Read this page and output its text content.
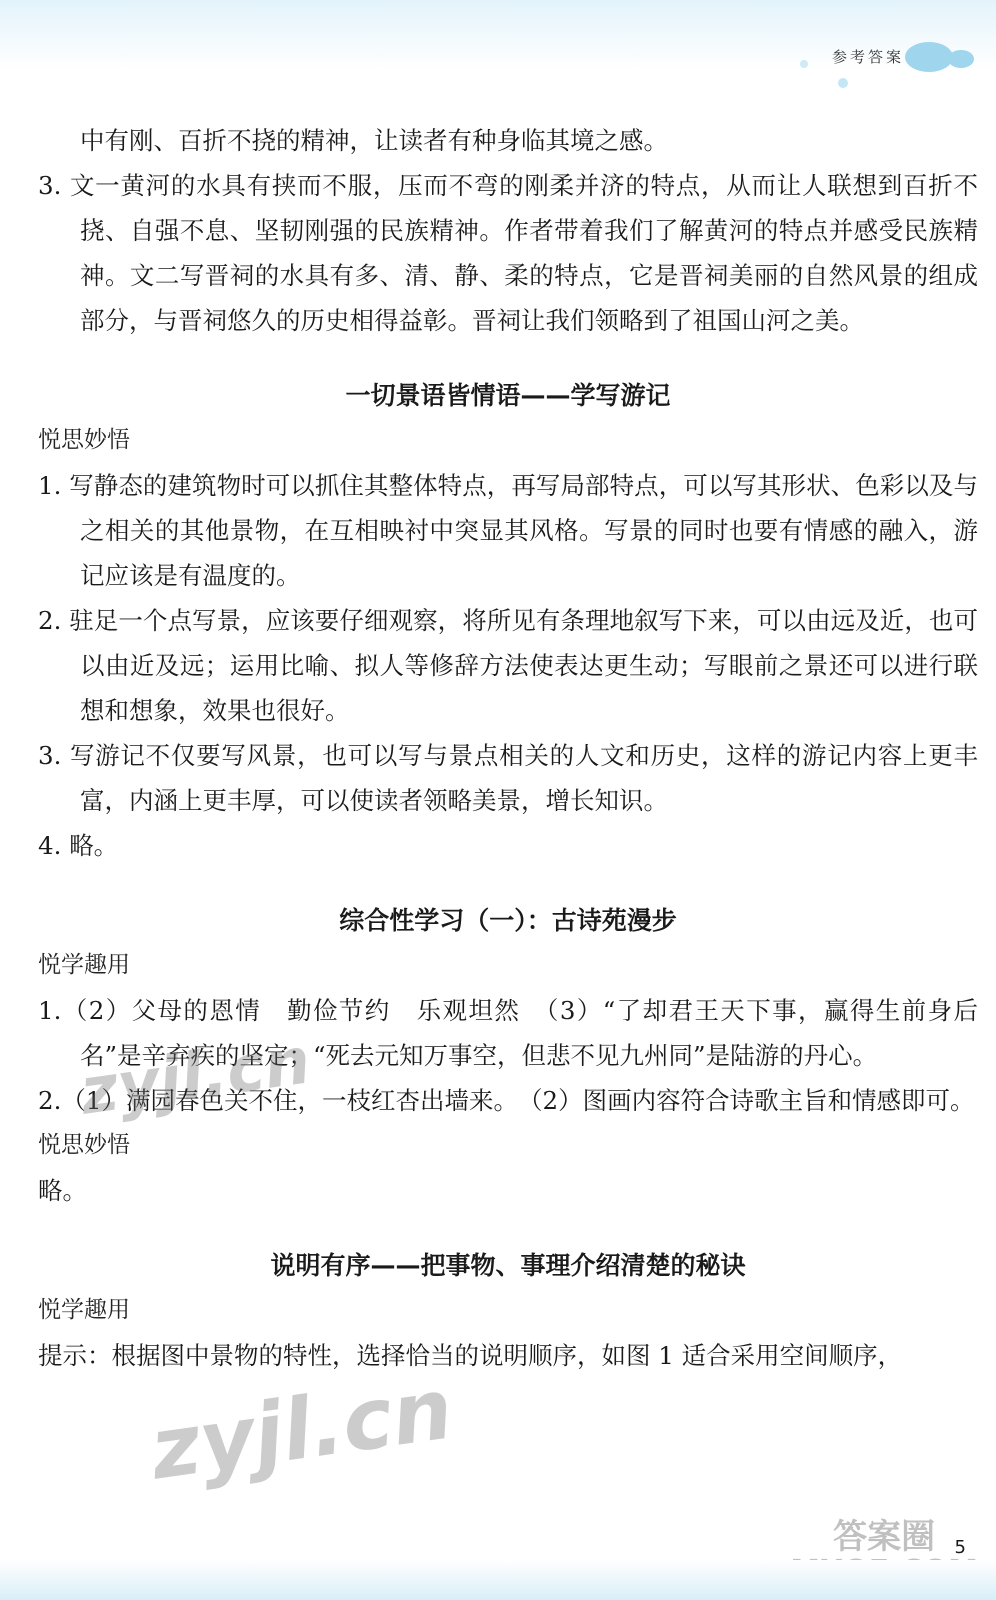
参考答案
中有刚、百折不挠的精神，让读者有种身临其境之感。
3. 文一黄河的水具有挟而不服，压而不弯的刚柔并济的特点，从而让人联想到百折不挠、自强不息、坚韧刚强的民族精神。作者带着我们了解黄河的特点并感受民族精神。文二写晋祠的水具有多、清、静、柔的特点，它是晋祠美丽的自然风景的组成部分，与晋祠悠久的历史相得益彰。晋祠让我们领略到了祖国山河之美。
一切景语皆情语——学写游记
悦思妙悟
1. 写静态的建筑物时可以抓住其整体特点，再写局部特点，可以写其形状、色彩以及与之相关的其他景物，在互相映衬中突显其风格。写景的同时也要有情感的融入，游记应该是有温度的。
2. 驻足一个点写景，应该要仔细观察，将所见有条理地叙写下来，可以由远及近，也可以由近及远；运用比喻、拟人等修辞方法使表达更生动；写眼前之景还可以进行联想和想象，效果也很好。
3. 写游记不仅要写风景，也可以写与景点相关的人文和历史，这样的游记内容上更丰富，内涵上更丰厚，可以使读者领略美景，增长知识。
4. 略。
综合性学习（一）：古诗苑漫步
悦学趣用
1.（2）父母的恩情　勤俭节约　乐观坦然　（3）“了却君王天下事，赢得生前身后名”是辛弃疾的坚定；“死去元知万事空，但悲不见九州同”是陆游的丹心。
2.（1）满园春色关不住，一枝红杏出墙来。　（2）图画内容符合诗歌主旨和情感即可。
悦思妙悟
略。
说明有序——把事物、事理介绍清楚的秘诀
悦学趣用
提示：根据图中景物的特性，选择恰当的说明顺序，如图 1 适合采用空间顺序，
zyjl.cn
zyjl.cn
5
答案圈
